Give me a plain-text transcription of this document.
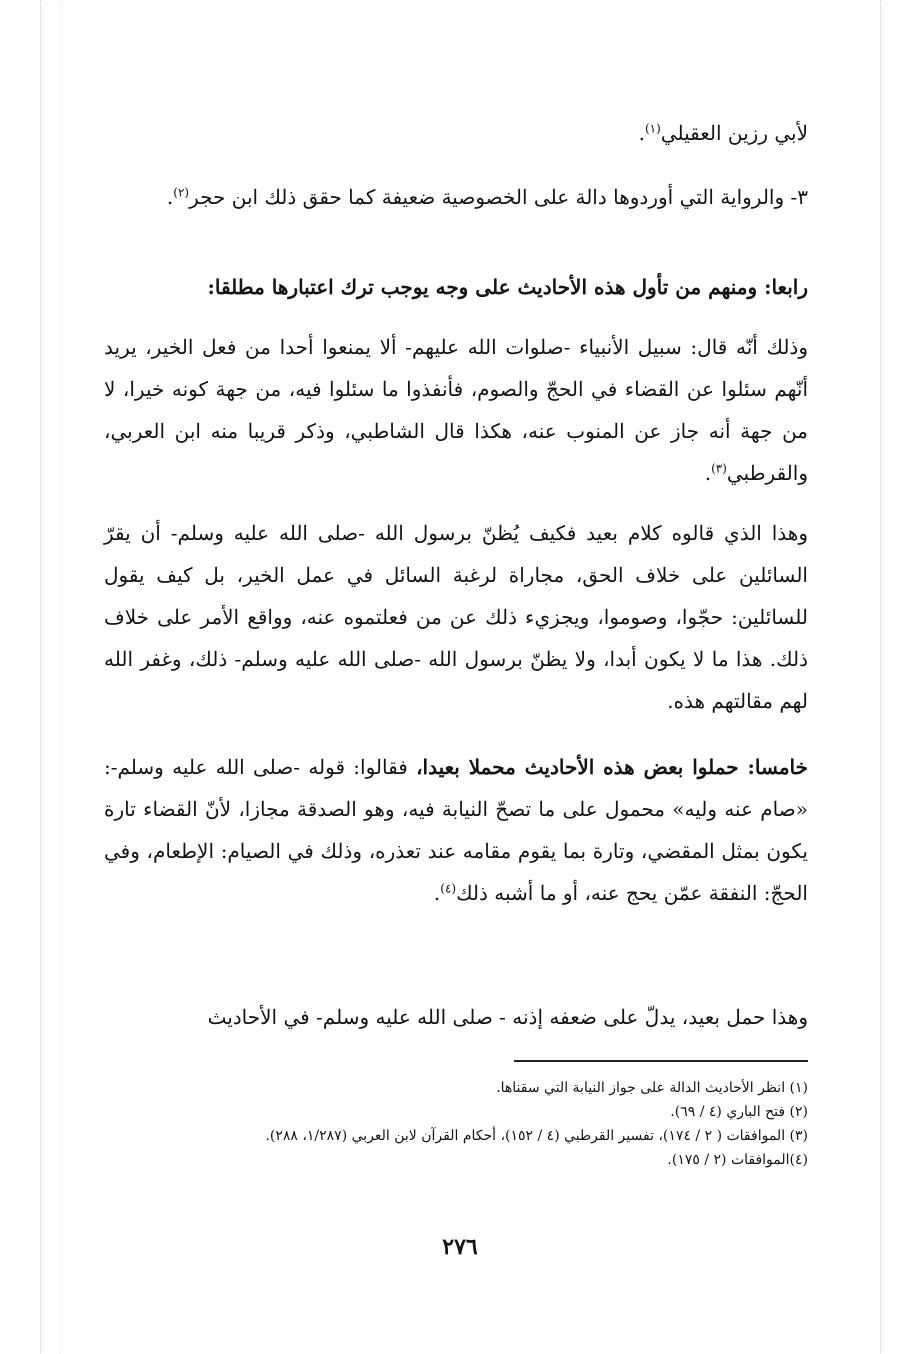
لأبي رزين العقيلي$^{(١)}$.

٣- والرواية التي أوردوها دالة على الخصوصية ضعيفة كما حقق ذلك ابن حجر$^{(٢)}$.

رابعا: ومنهم من تأول هذه الأحاديث على وجه يوجب ترك اعتبارها مطلقا:

وذلك أنّه قال: سبيل الأنبياء -صلوات الله عليهم- ألا يمنعوا أحدا من فعل الخير، يريد أنّهم سئلوا عن القضاء في الحجّ والصوم، فأنفذوا ما سئلوا فيه، من جهة كونه خيرا، لا من جهة أنه جاز عن المنوب عنه، هكذا قال الشاطبي، وذكر قريبا منه ابن العربي، والقرطبي$^{(٣)}$.

وهذا الذي قالوه كلام بعيد فكيف يُظنّ برسول الله -صلى الله عليه وسلم- أن يقرّ السائلين على خلاف الحق، مجاراة لرغبة السائل في عمل الخير، بل كيف يقول للسائلين: حجّوا، وصوموا، ويجزيء ذلك عن من فعلتموه عنه، وواقع الأمر على خلاف ذلك. هذا ما لا يكون أبدا، ولا يظنّ برسول الله -صلى الله عليه وسلم- ذلك، وغفر الله لهم مقالتهم هذه.

خامسا: حملوا بعض هذه الأحاديث محملا بعيدا، فقالوا: قوله -صلى الله عليه وسلم-: «صام عنه وليه» محمول على ما تصحّ النيابة فيه، وهو الصدقة مجازا، لأنّ القضاء تارة يكون بمثل المقضي، وتارة بما يقوم مقامه عند تعذره، وذلك في الصيام: الإطعام، وفي الحجّ: النفقة عمّن يحج عنه، أو ما أشبه ذلك$^{(٤)}$.

وهذا حمل بعيد، يدلّ على ضعفه إذنه - صلى الله عليه وسلم- في الأحاديث

(١) انظر الأحاديث الدالة على جواز النيابة التي سقناها.

(٢) فتح الباري (٤ / ٦٩).

(٣) الموافقات ( ٢ / ١٧٤)، تفسير القرطبي (٤ / ١٥٢)، أحكام القرآن لابن العربي (١/٢٨٧، ٢٨٨).

(٤)الموافقات (٢ / ١٧٥).

٢٧٦
